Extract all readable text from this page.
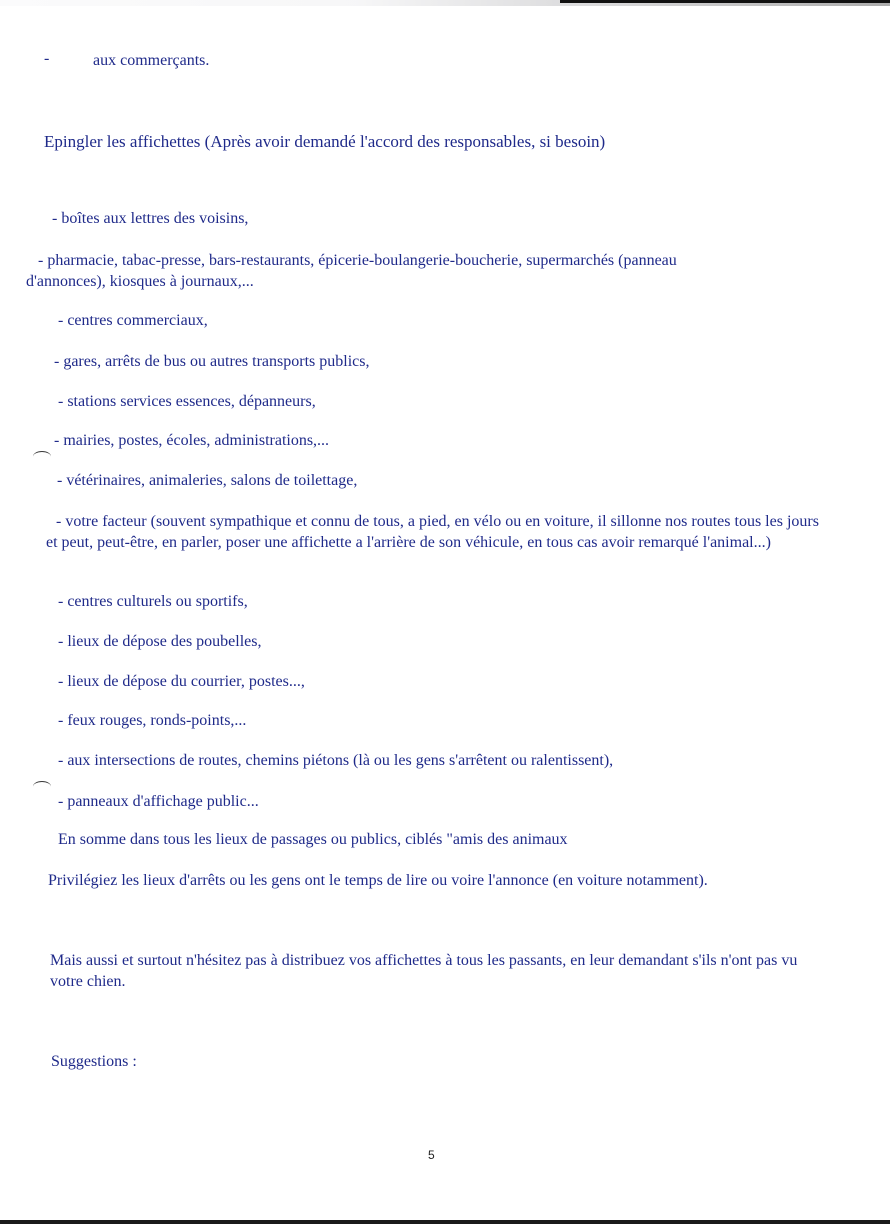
-	aux commerçants.

Epingler les affichettes (Après avoir demandé l'accord des responsables, si besoin)

- boîtes aux lettres des voisins,

- pharmacie, tabac-presse, bars-restaurants, épicerie-boulangerie-boucherie, supermarchés (panneau d'annonces), kiosques à journaux,...

- centres commerciaux,

- gares, arrêts de bus ou autres transports publics,

- stations services essences, dépanneurs,

- mairies, postes, écoles, administrations,...

- vétérinaires, animaleries, salons de toilettage,

- votre facteur (souvent sympathique et connu de tous, a pied, en vélo ou en voiture, il sillonne nos routes tous les jours et peut, peut-être, en parler, poser une affichette a l'arrière de son véhicule, en tous cas avoir remarqué l'animal...)

- centres culturels ou sportifs,

- lieux de dépose des poubelles,

- lieux de dépose du courrier, postes...,

- feux rouges, ronds-points,...

- aux intersections de routes, chemins piétons (là ou les gens s'arrêtent ou ralentissent),

- panneaux d'affichage public...

En somme dans tous les lieux de passages ou publics, ciblés "amis des animaux

Privilégiez les lieux d'arrêts ou les gens ont le temps de lire ou voire l'annonce (en voiture notamment).

Mais aussi et surtout n'hésitez pas à distribuez vos affichettes à tous les passants, en leur demandant s'ils n'ont pas vu votre chien.

Suggestions :

5
